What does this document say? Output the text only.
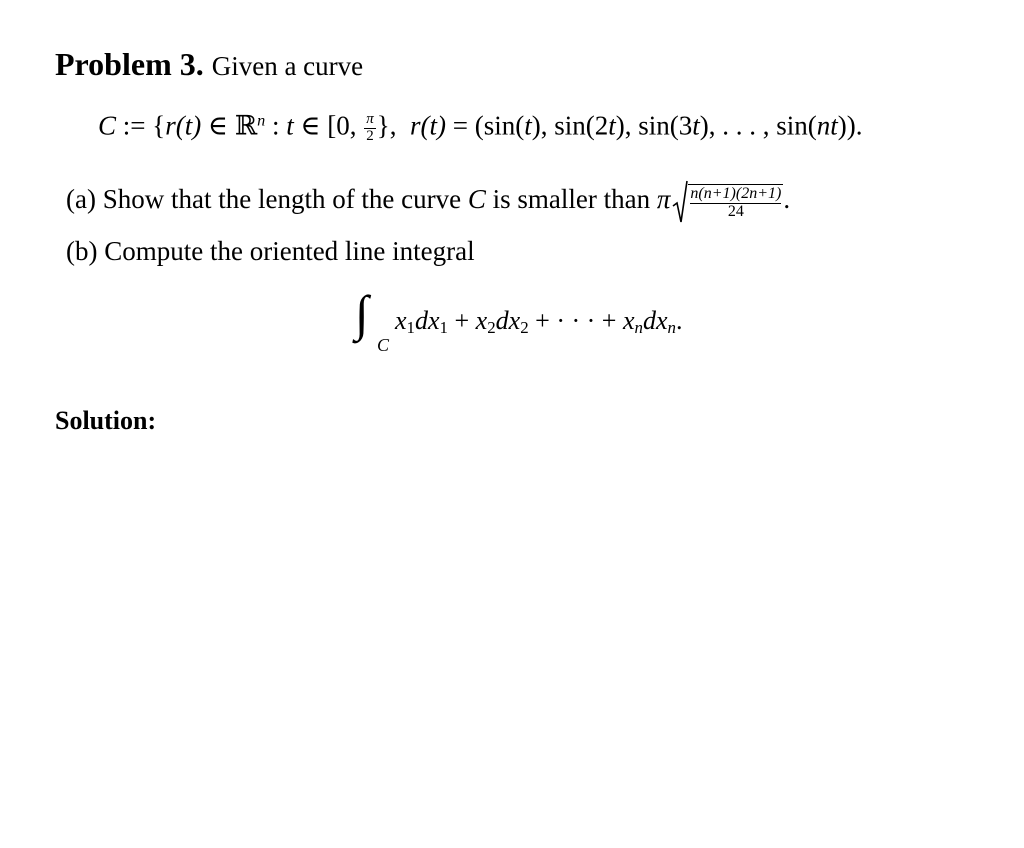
Problem 3. Given a curve
C := {r(t) ∈ ℝ$^n$ : t ∈ [0, $\frac{\pi}{2}$ }, r(t) = (sin(t), sin(2t), sin(3t), . . . , sin(nt)).
(a) Show that the length of the curve C is smaller than π $\frac{n(n+1)(2n+1)}{24}$ .
(b) Compute the oriented line integral
∫
C
$x_1dx_1 + x_2dx_2$ + · · · + $x_ndx_n$.
Solution:
